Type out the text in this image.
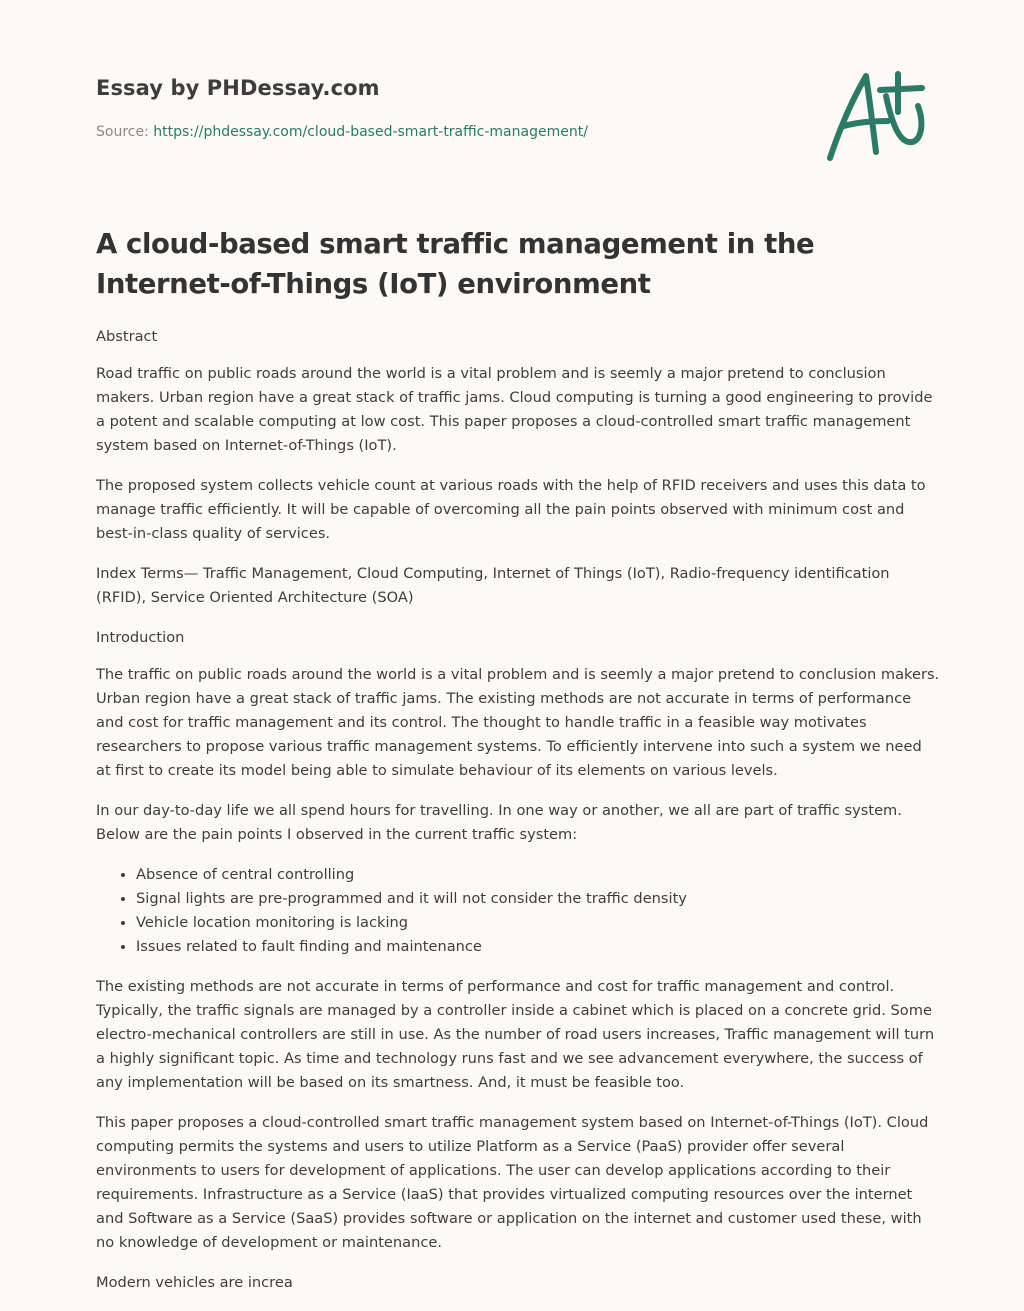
Essay by PHDessay.com
Source: https://phdessay.com/cloud-based-smart-traffic-management/
A cloud-based smart traffic management in the Internet-of-Things (IoT) environment

Abstract

Road traffic on public roads around the world is a vital problem and is seemly a major pretend to conclusion makers. Urban region have a great stack of traffic jams. Cloud computing is turning a good engineering to provide a potent and scalable computing at low cost. This paper proposes a cloud-controlled smart traffic management system based on Internet-of-Things (IoT).

The proposed system collects vehicle count at various roads with the help of RFID receivers and uses this data to manage traffic efficiently. It will be capable of overcoming all the pain points observed with minimum cost and best-in-class quality of services.

Index Terms— Traffic Management, Cloud Computing, Internet of Things (IoT), Radio-frequency identification (RFID), Service Oriented Architecture (SOA)

Introduction

The traffic on public roads around the world is a vital problem and is seemly a major pretend to conclusion makers. Urban region have a great stack of traffic jams. The existing methods are not accurate in terms of performance and cost for traffic management and its control. The thought to handle traffic in a feasible way motivates researchers to propose various traffic management systems. To efficiently intervene into such a system we need at first to create its model being able to simulate behaviour of its elements on various levels.

In our day-to-day life we all spend hours for travelling. In one way or another, we all are part of traffic system. Below are the pain points I observed in the current traffic system:

• Absence of central controlling
• Signal lights are pre-programmed and it will not consider the traffic density
• Vehicle location monitoring is lacking
• Issues related to fault finding and maintenance

The existing methods are not accurate in terms of performance and cost for traffic management and control. Typically, the traffic signals are managed by a controller inside a cabinet which is placed on a concrete grid. Some electro-mechanical controllers are still in use. As the number of road users increases, Traffic management will turn a highly significant topic. As time and technology runs fast and we see advancement everywhere, the success of any implementation will be based on its smartness. And, it must be feasible too.

This paper proposes a cloud-controlled smart traffic management system based on Internet-of-Things (IoT). Cloud computing permits the systems and users to utilize Platform as a Service (PaaS) provider offer several environments to users for development of applications. The user can develop applications according to their requirements. Infrastructure as a Service (IaaS) that provides virtualized computing resources over the internet and Software as a Service (SaaS) provides software or application on the internet and customer used these, with no knowledge of development or maintenance.

Modern vehicles are increa
